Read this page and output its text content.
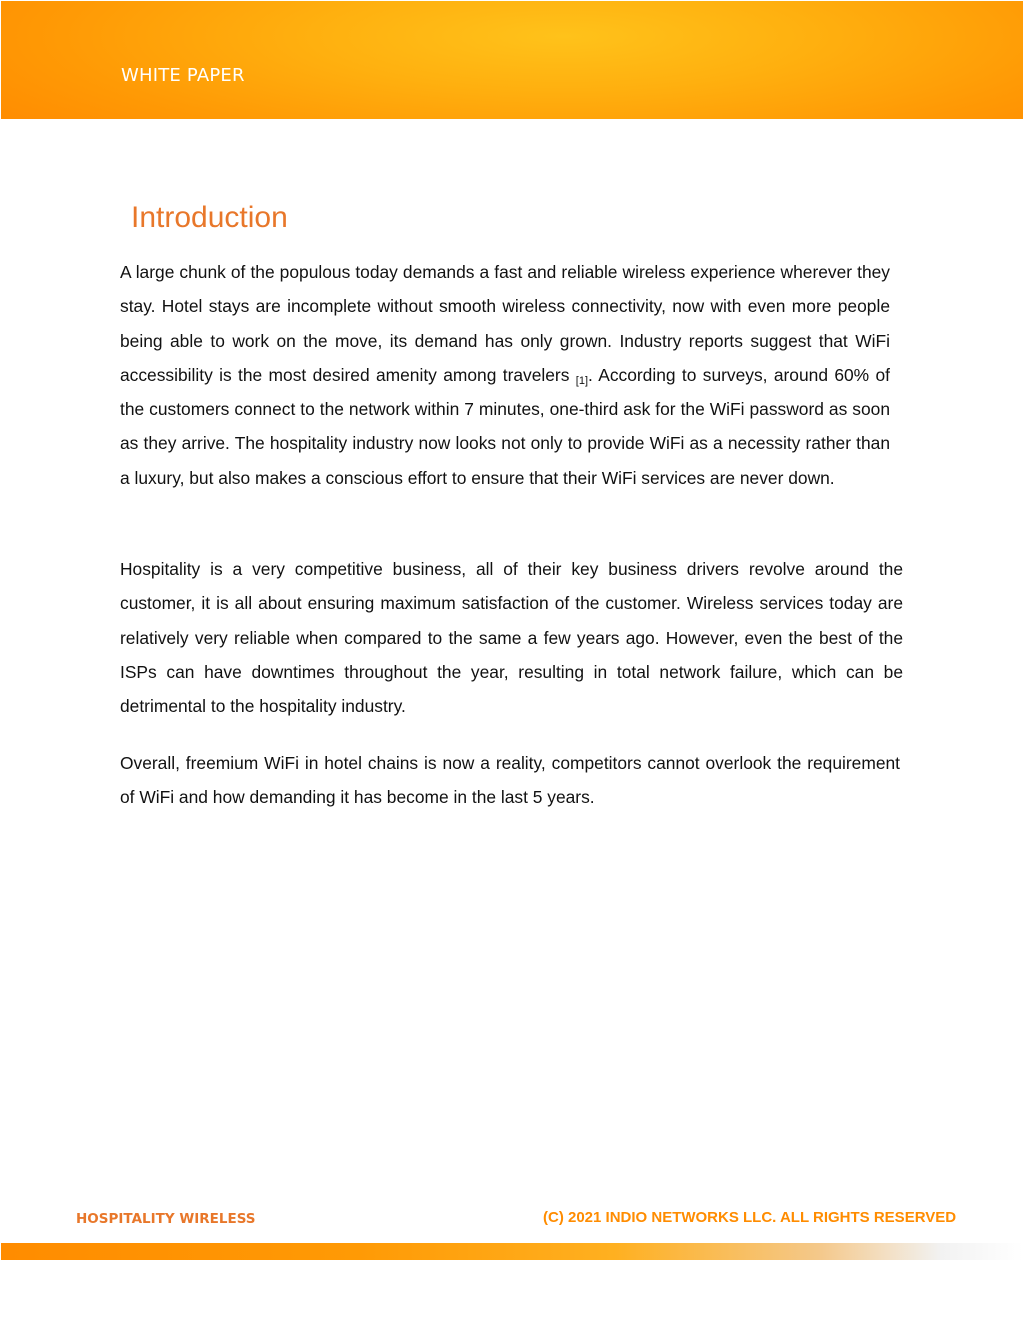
WHITE PAPER
Introduction

A large chunk of the populous today demands a fast and reliable wireless experience wherever they stay. Hotel stays are incomplete without smooth wireless connectivity, now with even more people being able to work on the move, its demand has only grown. Industry reports suggest that WiFi accessibility is the most desired amenity among travelers [1]. According to surveys, around 60% of the customers connect to the network within 7 minutes, one-third ask for the WiFi password as soon as they arrive. The hospitality industry now looks not only to provide WiFi as a necessity rather than a luxury, but also makes a conscious effort to ensure that their WiFi services are never down.

Hospitality is a very competitive business, all of their key business drivers revolve around the customer, it is all about ensuring maximum satisfaction of the customer. Wireless services today are relatively very reliable when compared to the same a few years ago. However, even the best of the ISPs can have downtimes throughout the year, resulting in total network failure, which can be detrimental to the hospitality industry.

Overall, freemium WiFi in hotel chains is now a reality, competitors cannot overlook the requirement of WiFi and how demanding it has become in the last 5 years.

HOSPITALITY WIRELESS	(C) 2021 INDIO NETWORKS LLC. ALL RIGHTS RESERVED
